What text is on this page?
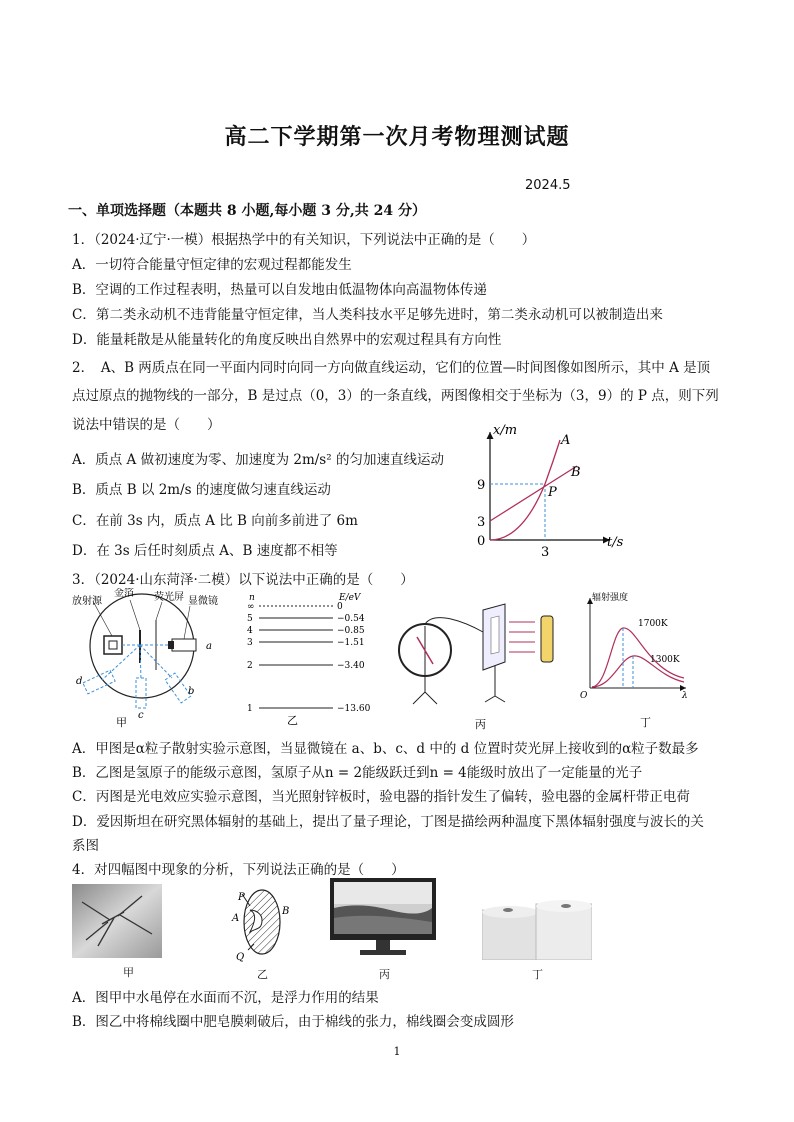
高二下学期第一次月考物理测试题
2024.5
一、单项选择题（本题共 8 小题,每小题 3 分,共 24 分）
1．（2024·辽宁·一模）根据热学中的有关知识，下列说法中正确的是（　　）
A．一切符合能量守恒定律的宏观过程都能发生
B．空调的工作过程表明，热量可以自发地由低温物体向高温物体传递
C．第二类永动机不违背能量守恒定律，当人类科技水平足够先进时，第二类永动机可以被制造出来
D．能量耗散是从能量转化的角度反映出自然界中的宏观过程具有方向性
2．　A、B 两质点在同一平面内同时向同一方向做直线运动，它们的位置—时间图像如图所示，其中 A 是顶
点过原点的抛物线的一部分，B 是过点（0，3）的一条直线，两图像相交于坐标为（3，9）的 P 点，则下列
说法中错误的是（　　）
A．质点 A 做初速度为零、加速度为 2m/s² 的匀加速直线运动
B．质点 B 以 2m/s 的速度做匀速直线运动
C．在前 3s 内，质点 A 比 B 向前多前进了 6m
D．在 3s 后任时刻质点 A、B 速度都不相等
x/m
t/s
0
9
3
3
A
B
P
3．（2024·山东菏泽·二模）以下说法中正确的是（　　）
放射源
金箔 荧光屏 显微镜
a
b
c
d
甲
n	E/eV
∞	0
5	−0.54
4	−0.85
3	−1.51
2	−3.40
1	−13.60
乙	丙
辐射强度
1700K
1300K
O	λ
丁
A．甲图是α粒子散射实验示意图，当显微镜在 a、b、c、d 中的 d 位置时荧光屏上接收到的α粒子数最多
B．乙图是氢原子的能级示意图，氢原子从n = 2能级跃迁到n = 4能级时放出了一定能量的光子
C．丙图是光电效应实验示意图，当光照射锌板时，验电器的指针发生了偏转，验电器的金属杆带正电荷
D．爱因斯坦在研究黑体辐射的基础上，提出了量子理论，丁图是描绘两种温度下黑体辐射强度与波长的关
系图
4．对四幅图中现象的分析，下列说法正确的是（　　）
甲
P
A
B
Q
乙	丙	丁
A．图甲中水黾停在水面而不沉，是浮力作用的结果
B．图乙中将棉线圈中肥皂膜刺破后，由于棉线的张力，棉线圈会变成圆形
1
